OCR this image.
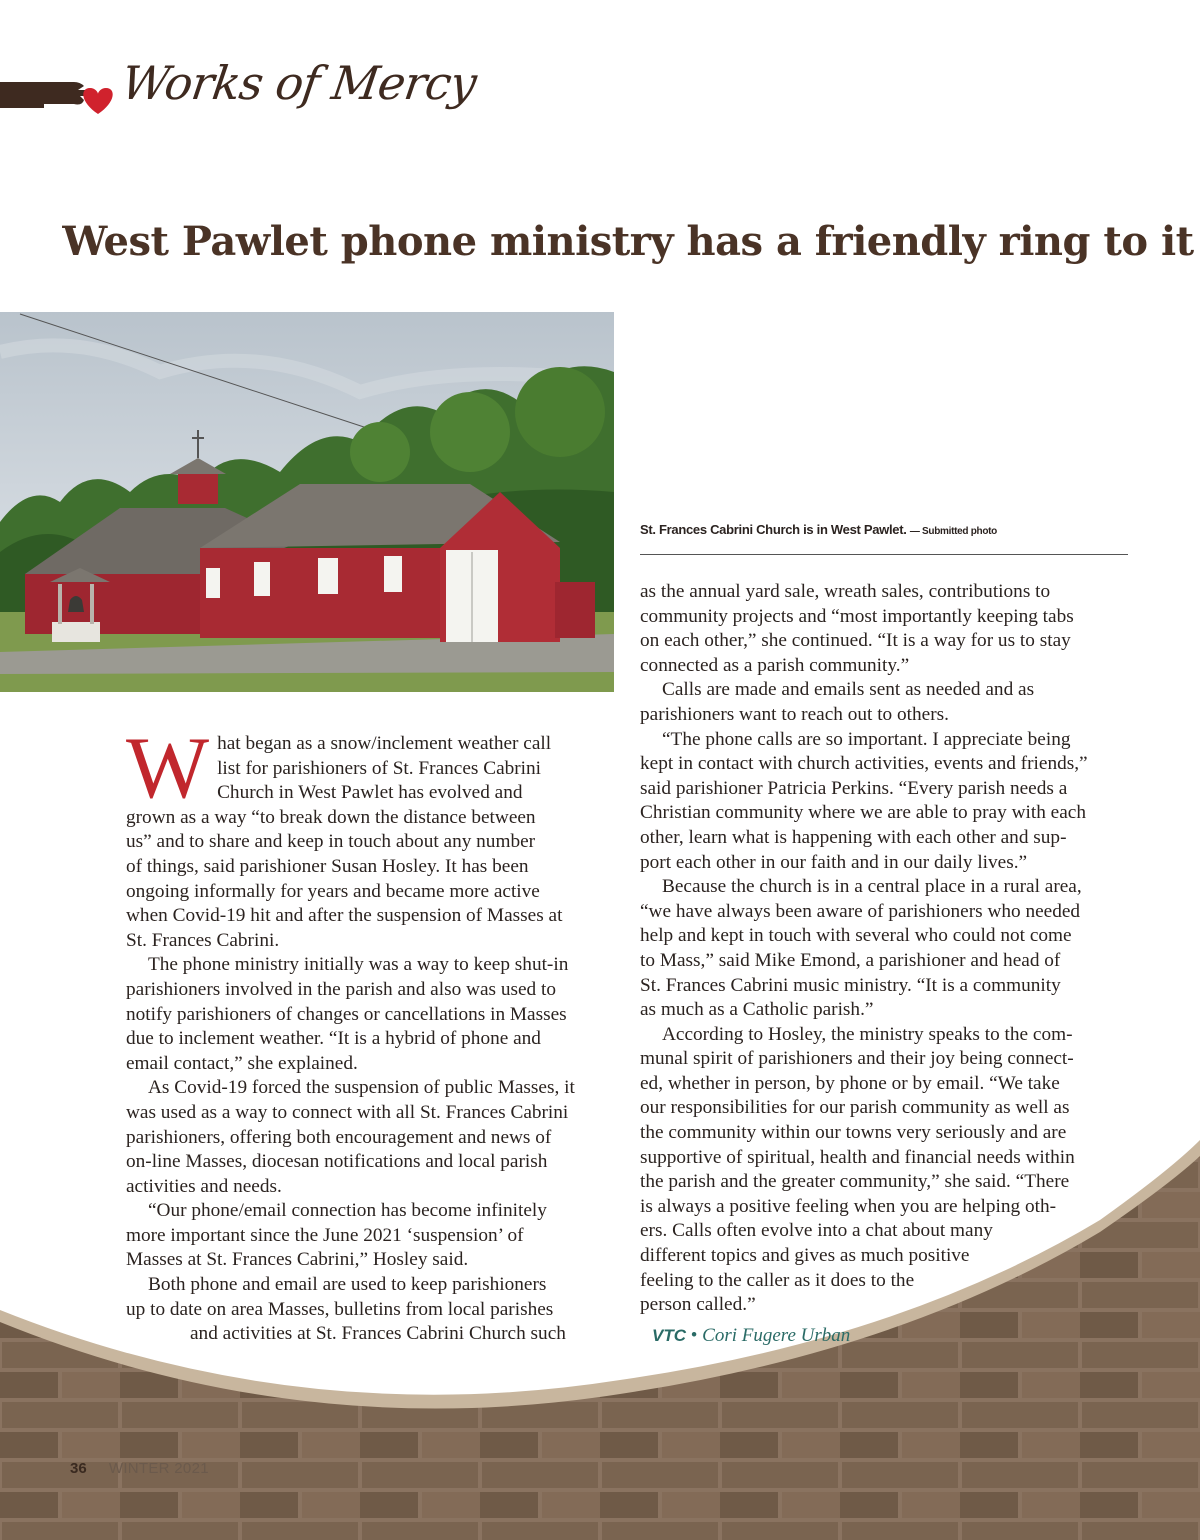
Works of Mercy
West Pawlet phone ministry has a friendly ring to it
St. Frances Cabrini Church is in West Pawlet. — Submitted photo
W hat began as a snow/inclement weather call
list for parishioners of St. Frances Cabrini
Church in West Pawlet has evolved and
grown as a way “to break down the distance between
us” and to share and keep in touch about any number
of things, said parishioner Susan Hosley. It has been
ongoing informally for years and became more active
when Covid-19 hit and after the suspension of Masses at
St. Frances Cabrini.

The phone ministry initially was a way to keep shut-in
parishioners involved in the parish and also was used to
notify parishioners of changes or cancellations in Masses
due to inclement weather. “It is a hybrid of phone and
email contact,” she explained.

As Covid-19 forced the suspension of public Masses, it
was used as a way to connect with all St. Frances Cabrini
parishioners, offering both encouragement and news of
on-line Masses, diocesan notifications and local parish
activities and needs.

“Our phone/email connection has become infinitely
more important since the June 2021 ‘suspension’ of
Masses at St. Frances Cabrini,” Hosley said.

Both phone and email are used to keep parishioners
up to date on area Masses, bulletins from local parishes
and activities at St. Frances Cabrini Church such

as the annual yard sale, wreath sales, contributions to
community projects and “most importantly keeping tabs
on each other,” she continued. “It is a way for us to stay
connected as a parish community.”

Calls are made and emails sent as needed and as
parishioners want to reach out to others.

“The phone calls are so important. I appreciate being
kept in contact with church activities, events and friends,”
said parishioner Patricia Perkins. “Every parish needs a
Christian community where we are able to pray with each
other, learn what is happening with each other and sup-
port each other in our faith and in our daily lives.”

Because the church is in a central place in a rural area,
“we have always been aware of parishioners who needed
help and kept in touch with several who could not come
to Mass,” said Mike Emond, a parishioner and head of
St. Frances Cabrini music ministry. “It is a community
as much as a Catholic parish.”

According to Hosley, the ministry speaks to the com-
munal spirit of parishioners and their joy being connect-
ed, whether in person, by phone or by email. “We take
our responsibilities for our parish community as well as
the community within our towns very seriously and are
supportive of spiritual, health and financial needs within
the parish and the greater community,” she said. “There
is always a positive feeling when you are helping oth-
ers. Calls often evolve into a chat about many
different topics and gives as much positive
feeling to the caller as it does to the
person called.”

VTC • Cori Fugere Urban
36 WINTER 2021
